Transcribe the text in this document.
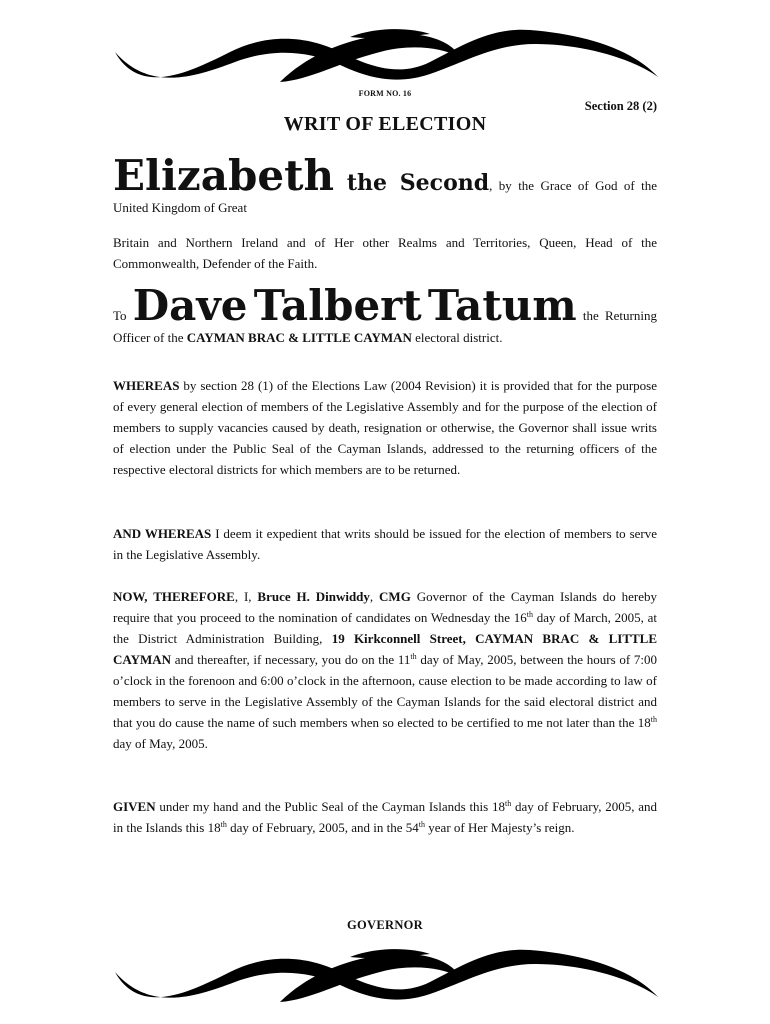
FORM NO. 16
Section 28 (2)
WRIT OF ELECTION

Elizabeth the Second, by the Grace of God of the United Kingdom of Great

Britain and Northern Ireland and of Her other Realms and Territories, Queen, Head of the Commonwealth, Defender of the Faith.

To Dave Talbert Tatum the Returning Officer of the CAYMAN BRAC & LITTLE CAYMAN electoral district.

WHEREAS by section 28 (1) of the Elections Law (2004 Revision) it is provided that for the purpose of every general election of members of the Legislative Assembly and for the purpose of the election of members to supply vacancies caused by death, resignation or otherwise, the Governor shall issue writs of election under the Public Seal of the Cayman Islands, addressed to the returning officers of the respective electoral districts for which members are to be returned.

AND WHEREAS I deem it expedient that writs should be issued for the election of members to serve in the Legislative Assembly.

NOW, THEREFORE, I, Bruce H. Dinwiddy, CMG Governor of the Cayman Islands do hereby require that you proceed to the nomination of candidates on Wednesday the 16th day of March, 2005, at the District Administration Building, 19 Kirkconnell Street, CAYMAN BRAC & LITTLE CAYMAN and thereafter, if necessary, you do on the 11th day of May, 2005, between the hours of 7:00 o’clock in the forenoon and 6:00 o’clock in the afternoon, cause election to be made according to law of members to serve in the Legislative Assembly of the Cayman Islands for the said electoral district and that you do cause the name of such members when so elected to be certified to me not later than the 18th day of May, 2005.

GIVEN under my hand and the Public Seal of the Cayman Islands this 18th day of February, 2005, and in the Islands this 18th day of February, 2005, and in the 54th year of Her Majesty’s reign.

GOVERNOR
